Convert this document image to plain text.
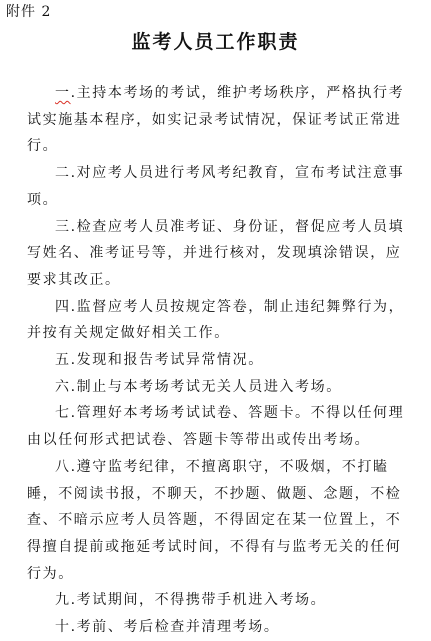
附件 2
监考人员工作职责

一.主持本考场的考试，维护考场秩序，严格执行考试实施基本程序，如实记录考试情况，保证考试正常进行。

二.对应考人员进行考风考纪教育，宣布考试注意事项。

三.检查应考人员准考证、身份证，督促应考人员填写姓名、准考证号等，并进行核对，发现填涂错误，应要求其改正。

四.监督应考人员按规定答卷，制止违纪舞弊行为，并按有关规定做好相关工作。

五.发现和报告考试异常情况。

六.制止与本考场考试无关人员进入考场。

七.管理好本考场考试试卷、答题卡。不得以任何理由以任何形式把试卷、答题卡等带出或传出考场。

八.遵守监考纪律，不擅离职守，不吸烟，不打瞌睡，不阅读书报，不聊天，不抄题、做题、念题，不检查、不暗示应考人员答题，不得固定在某一位置上，不得擅自提前或拖延考试时间，不得有与监考无关的任何行为。

九.考试期间，不得携带手机进入考场。

十.考前、考后检查并清理考场。
